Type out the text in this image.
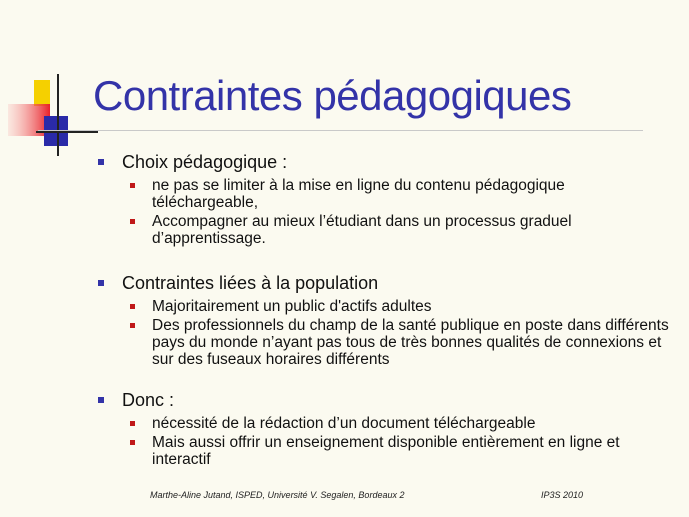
Contraintes pédagogiques
Choix pédagogique :
ne pas se limiter à la mise en ligne du contenu pédagogique téléchargeable,
Accompagner au mieux l’étudiant dans un processus graduel d’apprentissage.
Contraintes liées à la population
Majoritairement un public d'actifs adultes
Des professionnels du champ de la santé publique en poste dans différents pays du monde n’ayant pas tous de très bonnes qualités de connexions et sur des fuseaux horaires différents
Donc :
nécessité de la rédaction d’un document téléchargeable
Mais aussi offrir un enseignement disponible entièrement en ligne et interactif
Marthe-Aline Jutand, ISPED, Université V. Segalen, Bordeaux 2	IP3S 2010
